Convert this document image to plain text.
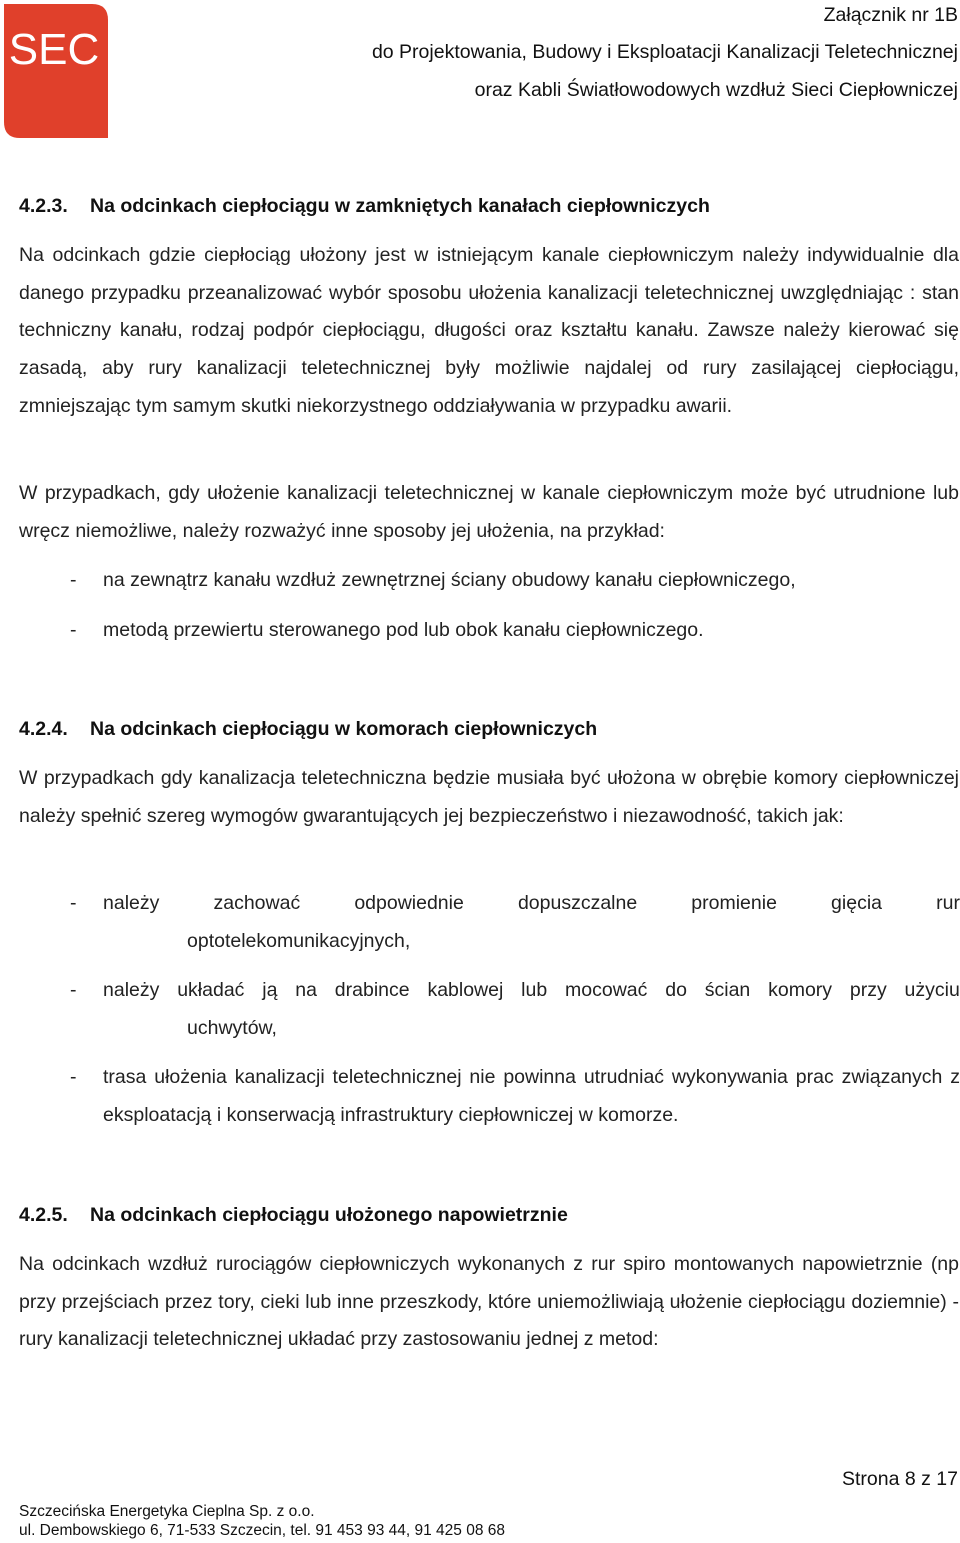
SEC
Załącznik nr 1B
do Projektowania, Budowy i Eksploatacji Kanalizacji Teletechnicznej
oraz Kabli Światłowodowych wzdłuż Sieci Ciepłowniczej
4.2.3. Na odcinkach ciepłociągu w zamkniętych kanałach ciepłowniczych
Na odcinkach gdzie ciepłociąg ułożony jest w istniejącym kanale ciepłowniczym należy indywidualnie dla danego przypadku przeanalizować wybór sposobu ułożenia kanalizacji teletechnicznej uwzględniając : stan techniczny kanału, rodzaj podpór ciepłociągu, długości oraz kształtu kanału. Zawsze należy kierować się zasadą, aby rury kanalizacji teletechnicznej były możliwie najdalej od rury zasilającej ciepłociągu, zmniejszając tym samym skutki niekorzystnego oddziaływania w przypadku awarii.
W przypadkach, gdy ułożenie kanalizacji teletechnicznej w kanale ciepłowniczym może być utrudnione lub wręcz niemożliwe, należy rozważyć inne sposoby jej ułożenia, na przykład:
- na zewnątrz kanału wzdłuż zewnętrznej ściany obudowy kanału ciepłowniczego,
- metodą przewiertu sterowanego pod lub obok kanału ciepłowniczego.
4.2.4. Na odcinkach ciepłociągu w komorach ciepłowniczych
W przypadkach gdy kanalizacja teletechniczna będzie musiała być ułożona w obrębie komory ciepłowniczej należy spełnić szereg wymogów gwarantujących jej bezpieczeństwo i niezawodność, takich jak:
- należy	zachować	odpowiednie	dopuszczalne	promienie	gięcia	rur
optotelekomunikacyjnych,
- należy układać ją na drabince kablowej lub mocować do ścian komory przy użyciu
uchwytów,
- trasa ułożenia kanalizacji teletechnicznej nie powinna utrudniać wykonywania prac związanych z eksploatacją i konserwacją infrastruktury ciepłowniczej w komorze.
4.2.5. Na odcinkach ciepłociągu ułożonego napowietrznie
Na odcinkach wzdłuż rurociągów ciepłowniczych wykonanych z rur spiro montowanych napowietrznie (np przy przejściach przez tory, cieki lub inne przeszkody, które uniemożliwiają ułożenie ciepłociągu doziemnie) - rury kanalizacji teletechnicznej układać przy zastosowaniu jednej z metod:
Strona 8 z 17
Szczecińska Energetyka Cieplna Sp. z o.o.
ul. Dembowskiego 6, 71-533 Szczecin, tel. 91 453 93 44, 91 425 08 68
